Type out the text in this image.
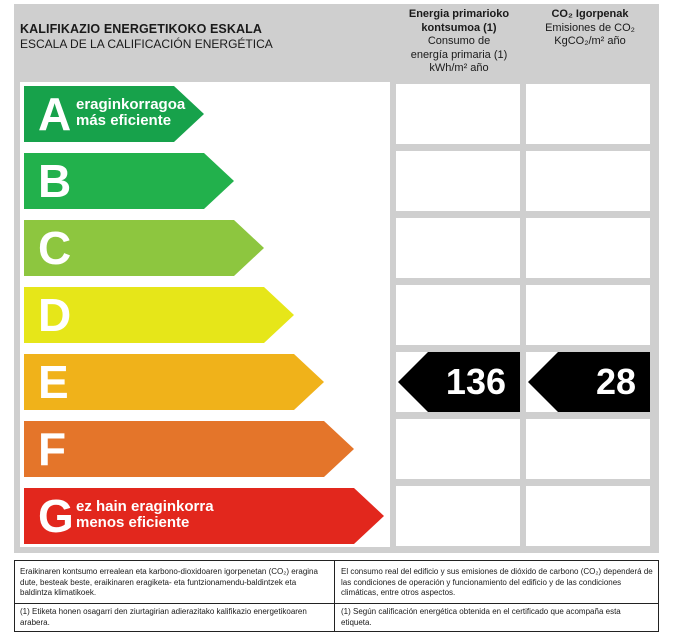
KALIFIKAZIO ENERGETIKOKO ESKALA
ESCALA DE LA CALIFICACIÓN ENERGÉTICA
Energia primarioko
kontsumoa (1)
Consumo de
energía primaria (1)
kWh/m² año
CO₂ Igorpenak
Emisiones de CO₂
KgCO₂/m² año
A eraginkorragoa
más eficiente
B
C
D
E
F
G ez hain eraginkorra
menos eficiente
136 28
Eraikinaren kontsumo errealean eta karbono-dioxidoaren igorpenetan (CO₂) eragina dute, besteak beste, eraikinaren eragiketa- eta funtzionamendu-baldintzek eta baldintza klimatikoek.
El consumo real del edificio y sus emisiones de dióxido de carbono (CO₂) dependerá de las condiciones de operación y funcionamiento del edificio y de las condiciones climáticas, entre otros aspectos.
(1) Etiketa honen osagarri den ziurtagirian adierazitako kalifikazio energetikoaren arabera.
(1) Según calificación energética obtenida en el certificado que acompaña esta etiqueta.
